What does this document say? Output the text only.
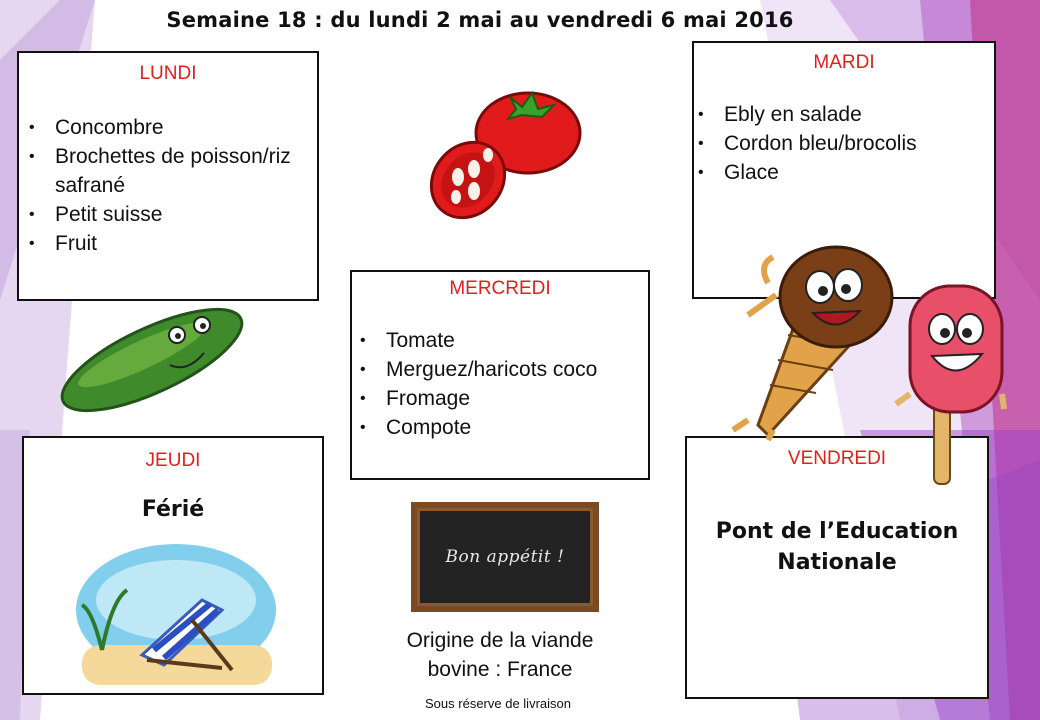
Semaine 18 : du lundi 2 mai au vendredi 6 mai 2016
LUNDI
• Concombre
• Brochettes de poisson/riz safrané
• Petit suisse
• Fruit
MARDI
• Ebly en salade
• Cordon bleu/brocolis
• Glace
MERCREDI
• Tomate
• Merguez/haricots coco
• Fromage
• Compote
JEUDI
Férié
VENDREDI
Pont de l’Education
Nationale
Bon appétit !
Origine de la viande
bovine : France
Sous réserve de livraison
